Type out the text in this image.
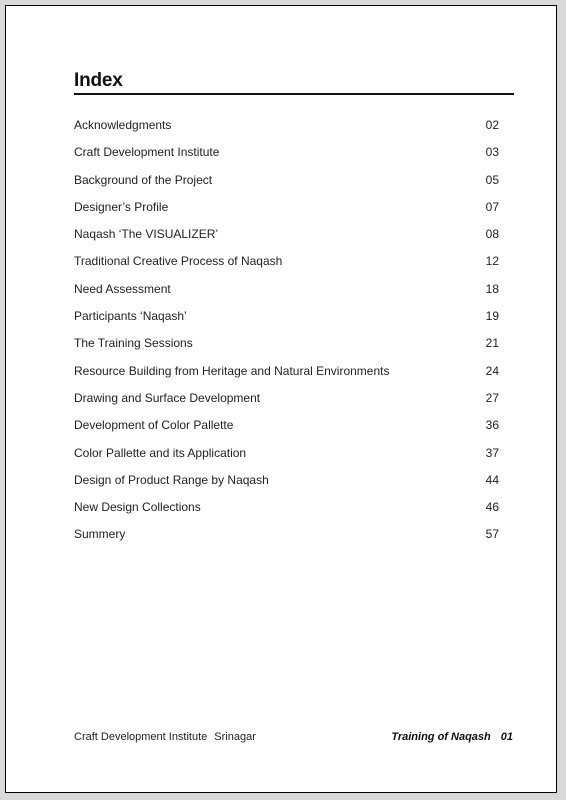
Index
Acknowledgments	02
Craft Development Institute	03
Background of the Project	05
Designer’s Profile	07
Naqash ‘The VISUALIZER’	08
Traditional Creative Process of Naqash	12
Need Assessment	18
Participants ‘Naqash’	19
The Training Sessions	21
Resource Building from Heritage and Natural Environments	24
Drawing and Surface Development	27
Development of Color Pallette	36
Color Pallette and its Application	37
Design of Product Range by Naqash	44
New Design Collections	46
Summery	57
Craft Development Institute Srinagar	Training of Naqash 01
